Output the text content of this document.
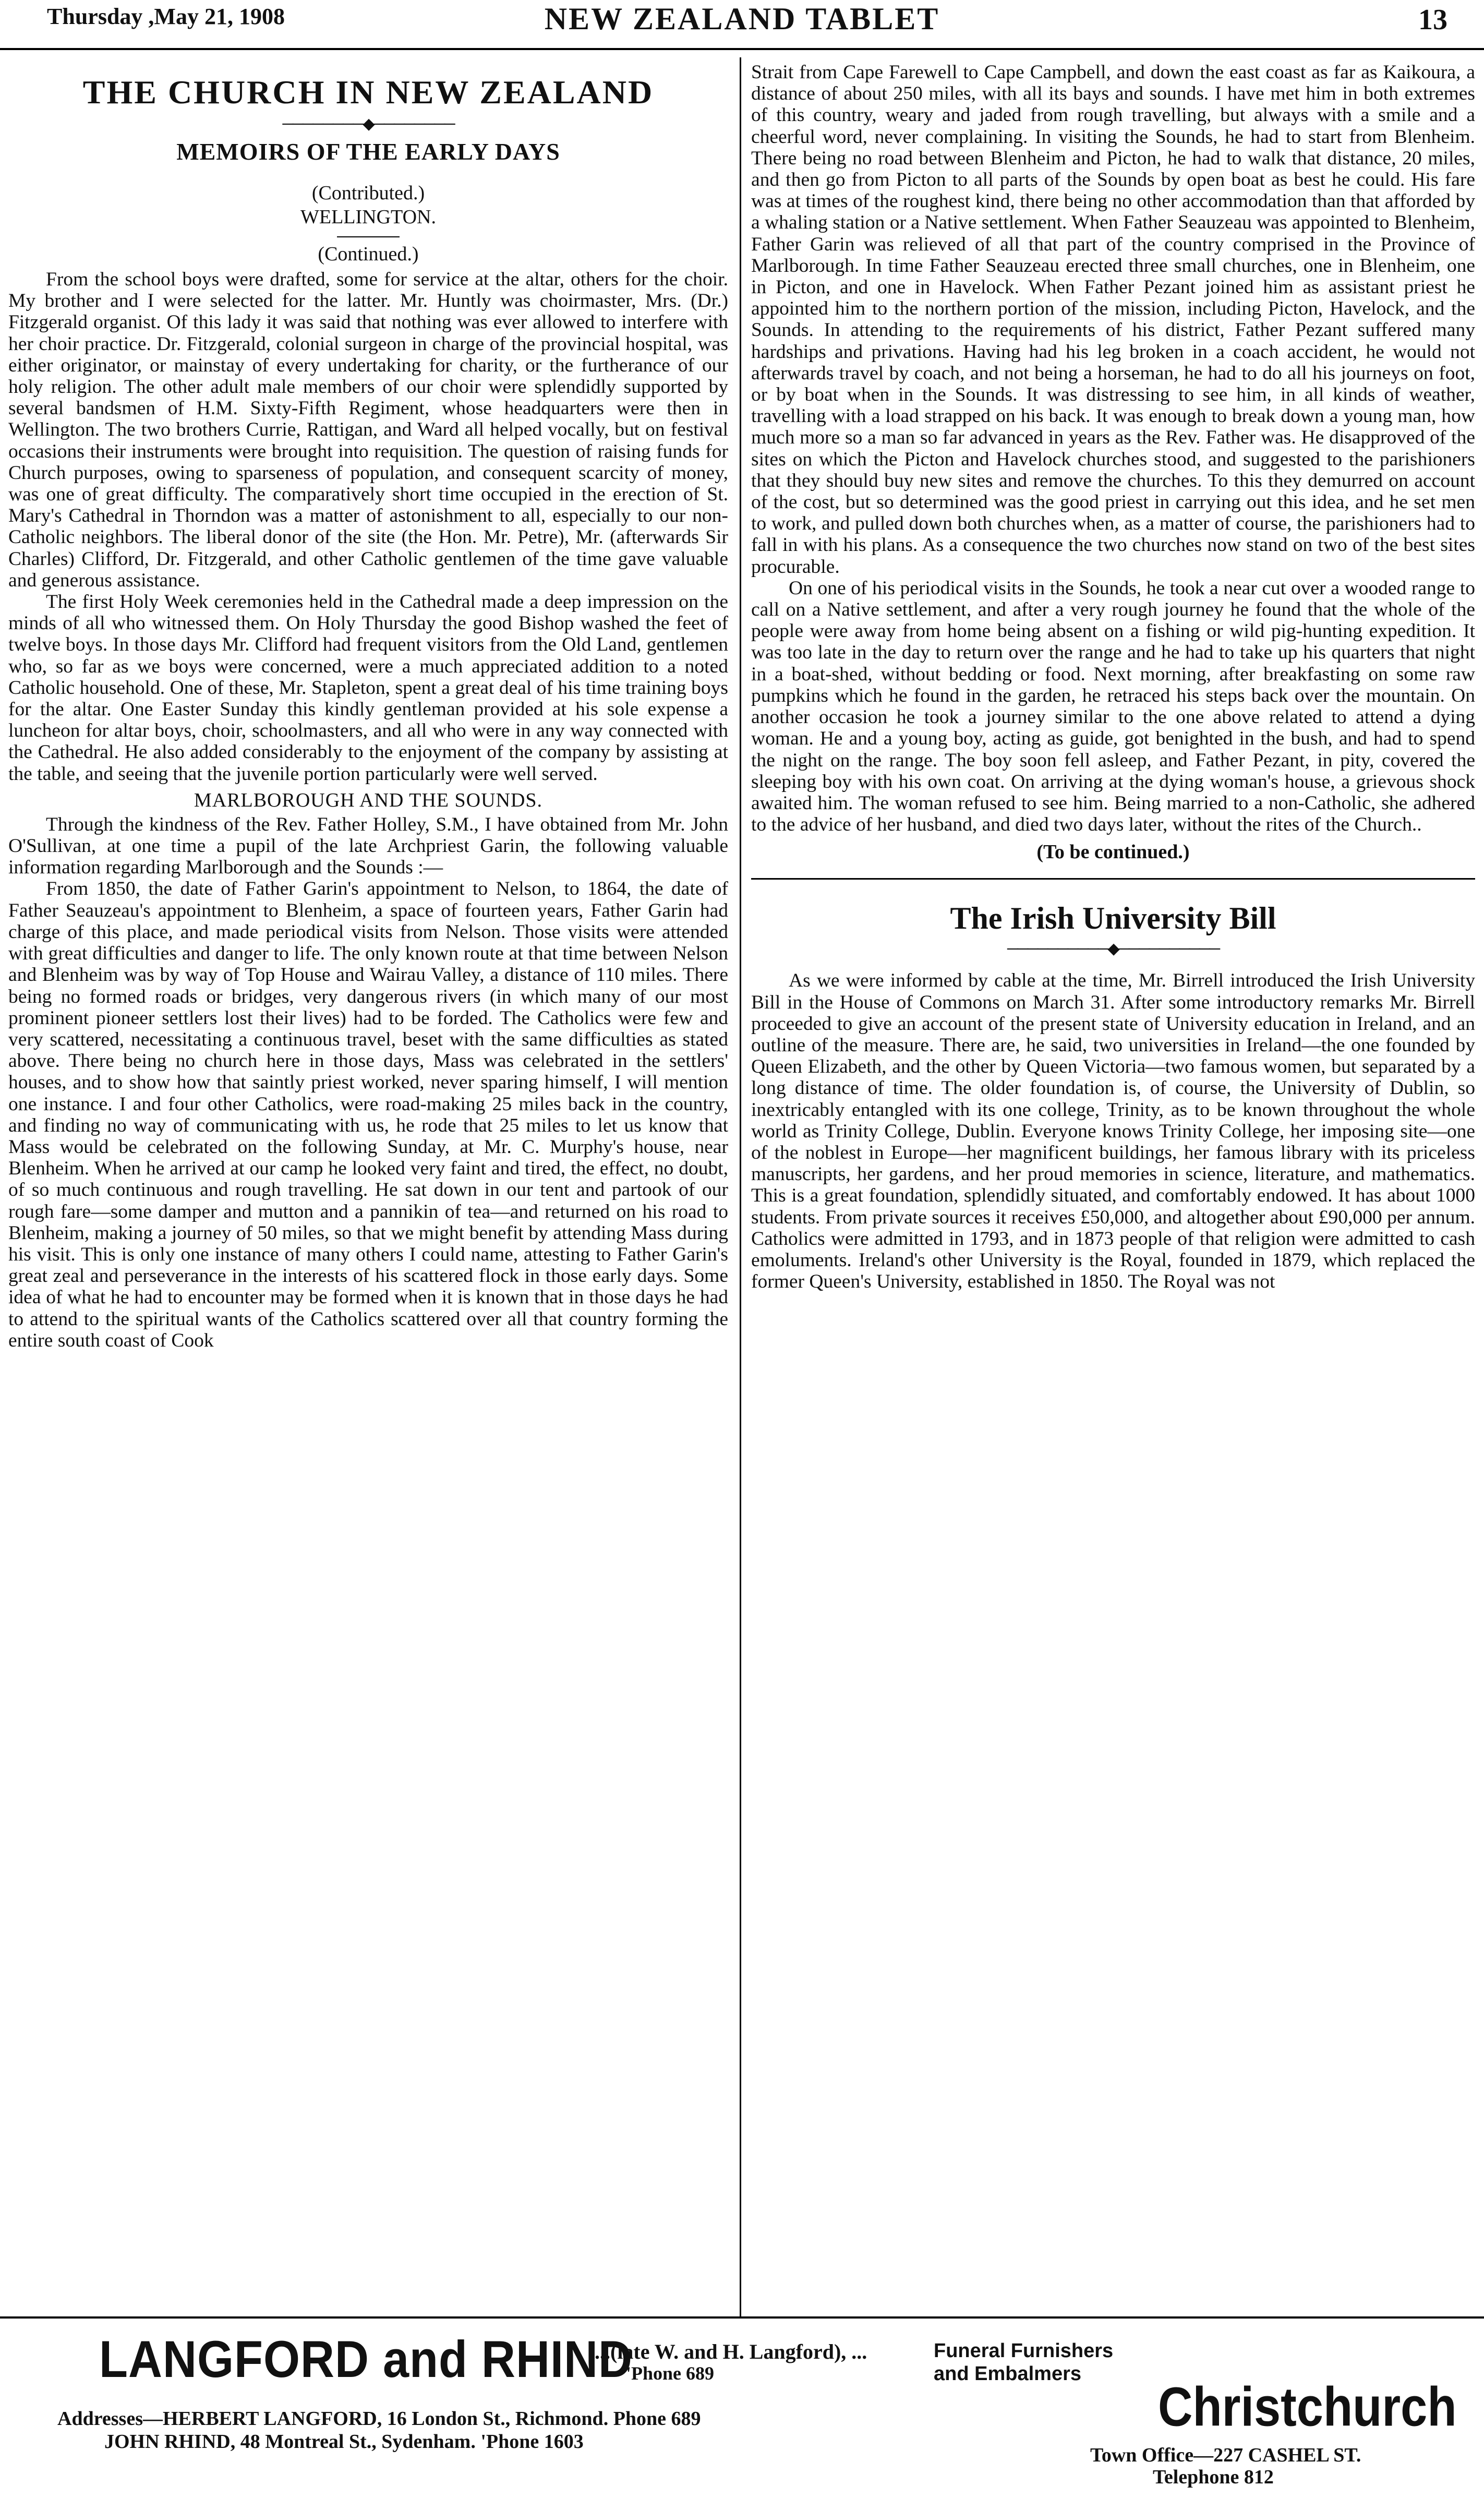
Thursday ,May 21, 1908	NEW ZEALAND TABLET	13
THE CHURCH IN NEW ZEALAND
────────◆────────
MEMOIRS OF THE EARLY DAYS
(Contributed.)
WELLINGTON.
(Continued.)

From the school boys were drafted, some for service at the altar, others for the choir. My brother and I were selected for the latter. Mr. Huntly was choirmaster, Mrs. (Dr.) Fitzgerald organist. Of this lady it was said that nothing was ever allowed to interfere with her choir practice. Dr. Fitzgerald, colonial surgeon in charge of the provincial hospital, was either originator, or mainstay of every undertaking for charity, or the furtherance of our holy religion. The other adult male members of our choir were splendidly supported by several bandsmen of H.M. Sixty-Fifth Regiment, whose headquarters were then in Wellington. The two brothers Currie, Rattigan, and Ward all helped vocally, but on festival occasions their instruments were brought into requisition. The question of raising funds for Church purposes, owing to sparseness of population, and consequent scarcity of money, was one of great difficulty. The comparatively short time occupied in the erection of St. Mary's Cathedral in Thorndon was a matter of astonishment to all, especially to our non-Catholic neighbors. The liberal donor of the site (the Hon. Mr. Petre), Mr. (afterwards Sir Charles) Clifford, Dr. Fitzgerald, and other Catholic gentlemen of the time gave valuable and generous assistance.

The first Holy Week ceremonies held in the Cathedral made a deep impression on the minds of all who witnessed them. On Holy Thursday the good Bishop washed the feet of twelve boys. In those days Mr. Clifford had frequent visitors from the Old Land, gentlemen who, so far as we boys were concerned, were a much appreciated addition to a noted Catholic household. One of these, Mr. Stapleton, spent a great deal of his time training boys for the altar. One Easter Sunday this kindly gentleman provided at his sole expense a luncheon for altar boys, choir, schoolmasters, and all who were in any way connected with the Cathedral. He also added considerably to the enjoyment of the company by assisting at the table, and seeing that the juvenile portion particularly were well served.

MARLBOROUGH AND THE SOUNDS.

Through the kindness of the Rev. Father Holley, S.M., I have obtained from Mr. John O'Sullivan, at one time a pupil of the late Archpriest Garin, the following valuable information regarding Marlborough and the Sounds :—

From 1850, the date of Father Garin's appointment to Nelson, to 1864, the date of Father Seauzeau's appointment to Blenheim, a space of fourteen years, Father Garin had charge of this place, and made periodical visits from Nelson. Those visits were attended with great difficulties and danger to life. The only known route at that time between Nelson and Blenheim was by way of Top House and Wairau Valley, a distance of 110 miles. There being no formed roads or bridges, very dangerous rivers (in which many of our most prominent pioneer settlers lost their lives) had to be forded. The Catholics were few and very scattered, necessitating a continuous travel, beset with the same difficulties as stated above. There being no church here in those days, Mass was celebrated in the settlers' houses, and to show how that saintly priest worked, never sparing himself, I will mention one instance. I and four other Catholics, were road-making 25 miles back in the country, and finding no way of communicating with us, he rode that 25 miles to let us know that Mass would be celebrated on the following Sunday, at Mr. C. Murphy's house, near Blenheim. When he arrived at our camp he looked very faint and tired, the effect, no doubt, of so much continuous and rough travelling. He sat down in our tent and partook of our rough fare—some damper and mutton and a pannikin of tea—and returned on his road to Blenheim, making a journey of 50 miles, so that we might benefit by attending Mass during his visit. This is only one instance of many others I could name, attesting to Father Garin's great zeal and perseverance in the interests of his scattered flock in those early days. Some idea of what he had to encounter may be formed when it is known that in those days he had to attend to the spiritual wants of the Catholics scattered over all that country forming the entire south coast of Cook

Strait from Cape Farewell to Cape Campbell, and down the east coast as far as Kaikoura, a distance of about 250 miles, with all its bays and sounds. I have met him in both extremes of this country, weary and jaded from rough travelling, but always with a smile and a cheerful word, never complaining. In visiting the Sounds, he had to start from Blenheim. There being no road between Blenheim and Picton, he had to walk that distance, 20 miles, and then go from Picton to all parts of the Sounds by open boat as best he could. His fare was at times of the roughest kind, there being no other accommodation than that afforded by a whaling station or a Native settlement. When Father Seauzeau was appointed to Blenheim, Father Garin was relieved of all that part of the country comprised in the Province of Marlborough. In time Father Seauzeau erected three small churches, one in Blenheim, one in Picton, and one in Havelock. When Father Pezant joined him as assistant priest he appointed him to the northern portion of the mission, including Picton, Havelock, and the Sounds. In attending to the requirements of his district, Father Pezant suffered many hardships and privations. Having had his leg broken in a coach accident, he would not afterwards travel by coach, and not being a horseman, he had to do all his journeys on foot, or by boat when in the Sounds. It was distressing to see him, in all kinds of weather, travelling with a load strapped on his back. It was enough to break down a young man, how much more so a man so far advanced in years as the Rev. Father was. He disapproved of the sites on which the Picton and Havelock churches stood, and suggested to the parishioners that they should buy new sites and remove the churches. To this they demurred on account of the cost, but so determined was the good priest in carrying out this idea, and he set men to work, and pulled down both churches when, as a matter of course, the parishioners had to fall in with his plans. As a consequence the two churches now stand on two of the best sites procurable.

On one of his periodical visits in the Sounds, he took a near cut over a wooded range to call on a Native settlement, and after a very rough journey he found that the whole of the people were away from home being absent on a fishing or wild pig-hunting expedition. It was too late in the day to return over the range and he had to take up his quarters that night in a boat-shed, without bedding or food. Next morning, after breakfasting on some raw pumpkins which he found in the garden, he retraced his steps back over the mountain. On another occasion he took a journey similar to the one above related to attend a dying woman. He and a young boy, acting as guide, got benighted in the bush, and had to spend the night on the range. The boy soon fell asleep, and Father Pezant, in pity, covered the sleeping boy with his own coat. On arriving at the dying woman's house, a grievous shock awaited him. The woman refused to see him. Being married to a non-Catholic, she adhered to the advice of her husband, and died two days later, without the rites of the Church..

(To be continued.)
The Irish University Bill
──────────◆──────────

As we were informed by cable at the time, Mr. Birrell introduced the Irish University Bill in the House of Commons on March 31. After some introductory remarks Mr. Birrell proceeded to give an account of the present state of University education in Ireland, and an outline of the measure. There are, he said, two universities in Ireland—the one founded by Queen Elizabeth, and the other by Queen Victoria—two famous women, but separated by a long distance of time. The older foundation is, of course, the University of Dublin, so inextricably entangled with its one college, Trinity, as to be known throughout the whole world as Trinity College, Dublin. Everyone knows Trinity College, her imposing site—one of the noblest in Europe—her magnificent buildings, her famous library with its priceless manuscripts, her gardens, and her proud memories in science, literature, and mathematics. This is a great foundation, splendidly situated, and comfortably endowed. It has about 1000 students. From private sources it receives £50,000, and altogether about £90,000 per annum. Catholics were admitted in 1793, and in 1873 people of that religion were admitted to cash emoluments. Ireland's other University is the Royal, founded in 1879, which replaced the former Queen's University, established in 1850. The Royal was not

LANGFORD and RHIND
...(late W. and H. Langford), ...
'Phone 689
Funeral Furnishers
and Embalmers
Christchurch
Addresses—HERBERT LANGFORD, 16 London St., Richmond. Phone 689
JOHN RHIND, 48 Montreal St., Sydenham. 'Phone 1603
Town Office—227 CASHEL ST.
Telephone 812
